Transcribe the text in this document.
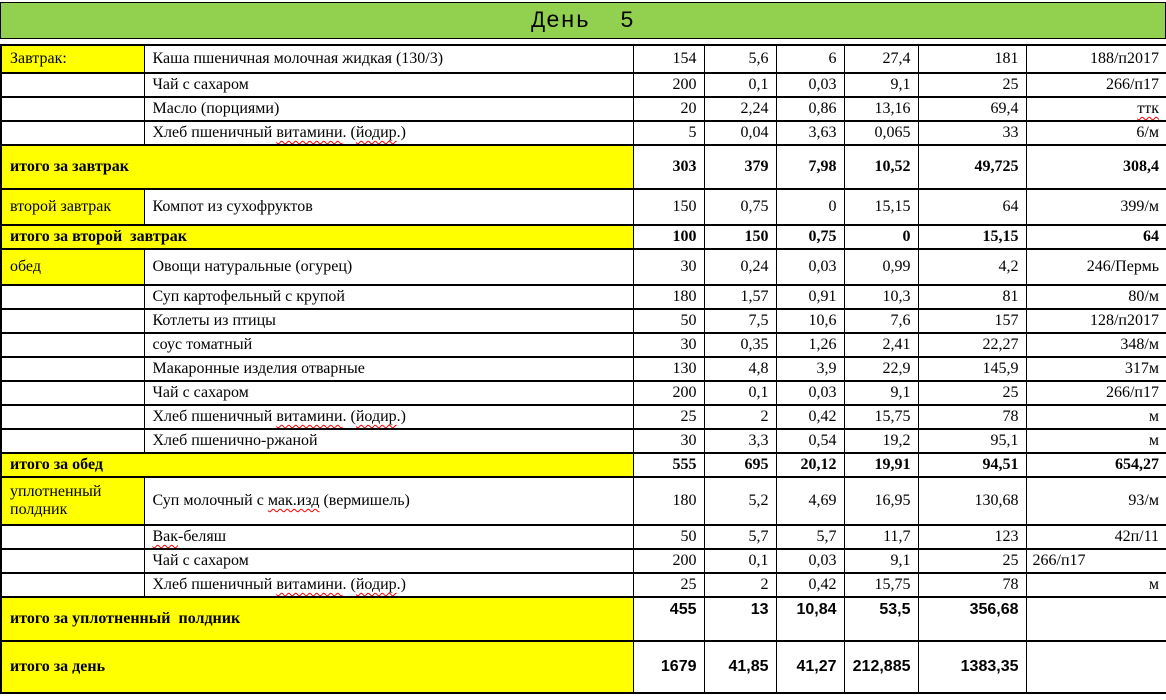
День  5
Завтрак:	Каша пшеничная молочная жидкая (130/3)	154	5,6	6	27,4	181	188/п2017
	Чай с сахаром	200	0,1	0,03	9,1	25	266/п17
	Масло (порциями)	20	2,24	0,86	13,16	69,4	ттк
	Хлеб пшеничный витамини. (йодир.)	5	0,04	3,63	0,065	33	6/м
итого за завтрак		303	379	7,98	10,52	49,725	308,4
второй завтрак	Компот из сухофруктов	150	0,75	0	15,15	64	399/м
итого за второй  завтрак		100	150	0,75	0	15,15	64
обед	Овощи натуральные (огурец)	30	0,24	0,03	0,99	4,2	246/Пермь
	Суп картофельный с крупой	180	1,57	0,91	10,3	81	80/м
	Котлеты из птицы	50	7,5	10,6	7,6	157	128/п2017
	соус томатный	30	0,35	1,26	2,41	22,27	348/м
	Макаронные изделия отварные	130	4,8	3,9	22,9	145,9	317м
	Чай с сахаром	200	0,1	0,03	9,1	25	266/п17
	Хлеб пшеничный витамини. (йодир.)	25	2	0,42	15,75	78	м
	Хлеб пшенично-ржаной	30	3,3	0,54	19,2	95,1	м
итого за обед		555	695	20,12	19,91	94,51	654,27
уплотненный полдник	Суп молочный с мак.изд (вермишель)	180	5,2	4,69	16,95	130,68	93/м
	Вак-беляш	50	5,7	5,7	11,7	123	42п/11
	Чай с сахаром	200	0,1	0,03	9,1	25	266/п17
	Хлеб пшеничный витамини. (йодир.)	25	2	0,42	15,75	78	м
итого за уплотненный  полдник		455	13	10,84	53,5	356,68	
итого за день		1679	41,85	41,27	212,885	1383,35	
